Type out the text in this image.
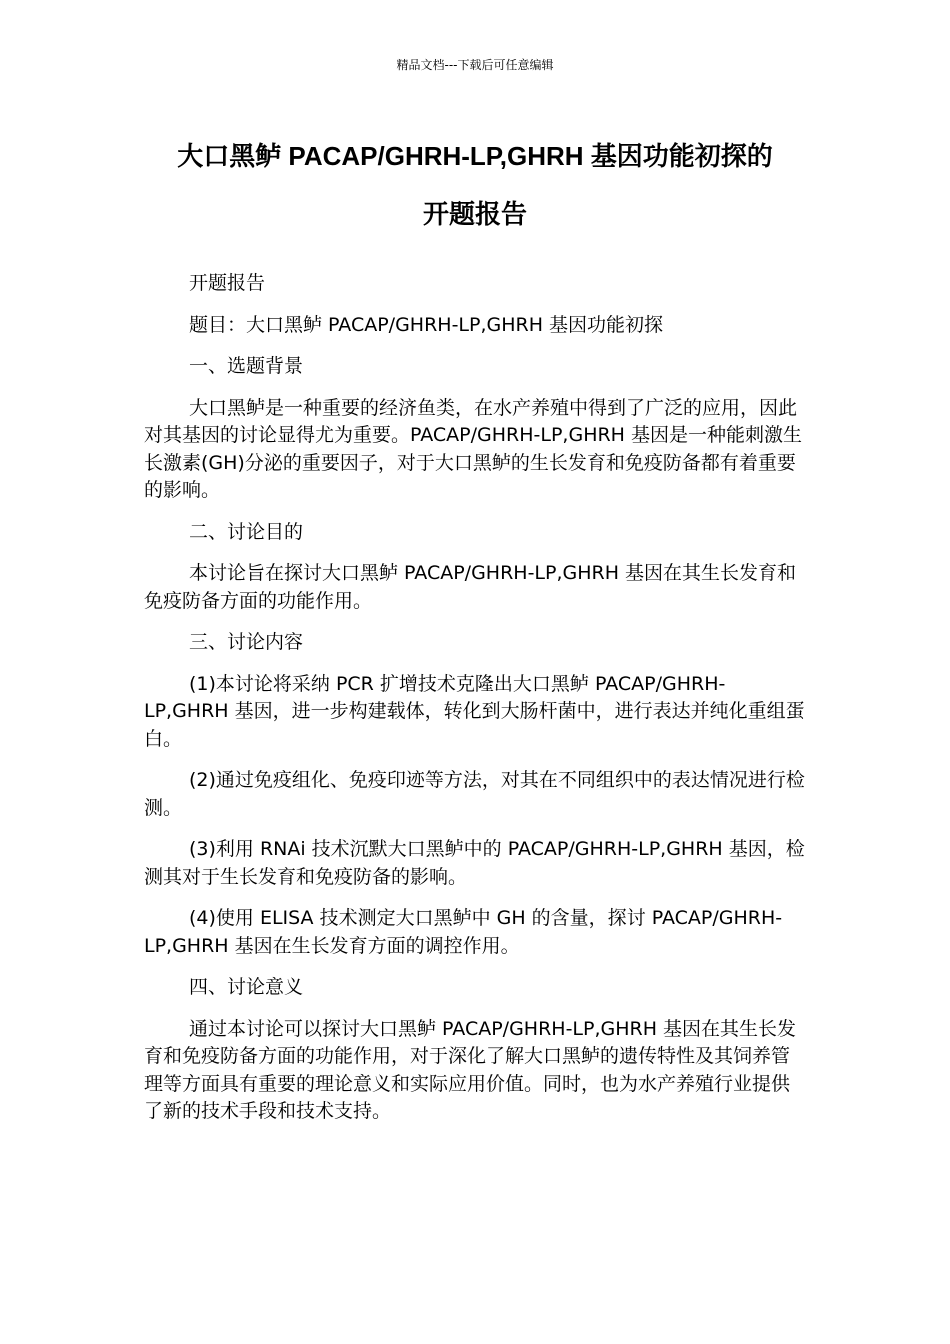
精品文档---下载后可任意编辑
大口黑鲈 PACAP/GHRH-LP,GHRH 基因功能初探的
开题报告

开题报告

题目：大口黑鲈 PACAP/GHRH-LP,GHRH 基因功能初探

一、选题背景

大口黑鲈是一种重要的经济鱼类，在水产养殖中得到了广泛的应用，因此对其基因的讨论显得尤为重要。PACAP/GHRH-LP,GHRH 基因是一种能刺激生长激素(GH)分泌的重要因子，对于大口黑鲈的生长发育和免疫防备都有着重要的影响。

二、讨论目的

本讨论旨在探讨大口黑鲈 PACAP/GHRH-LP,GHRH 基因在其生长发育和免疫防备方面的功能作用。

三、讨论内容

(1)本讨论将采纳 PCR 扩增技术克隆出大口黑鲈 PACAP/GHRH-LP,GHRH 基因，进一步构建载体，转化到大肠杆菌中，进行表达并纯化重组蛋白。

(2)通过免疫组化、免疫印迹等方法，对其在不同组织中的表达情况进行检测。

(3)利用 RNAi 技术沉默大口黑鲈中的 PACAP/GHRH-LP,GHRH 基因，检测其对于生长发育和免疫防备的影响。

(4)使用 ELISA 技术测定大口黑鲈中 GH 的含量，探讨 PACAP/GHRH-LP,GHRH 基因在生长发育方面的调控作用。

四、讨论意义

通过本讨论可以探讨大口黑鲈 PACAP/GHRH-LP,GHRH 基因在其生长发育和免疫防备方面的功能作用，对于深化了解大口黑鲈的遗传特性及其饲养管理等方面具有重要的理论意义和实际应用价值。同时，也为水产养殖行业提供了新的技术手段和技术支持。
